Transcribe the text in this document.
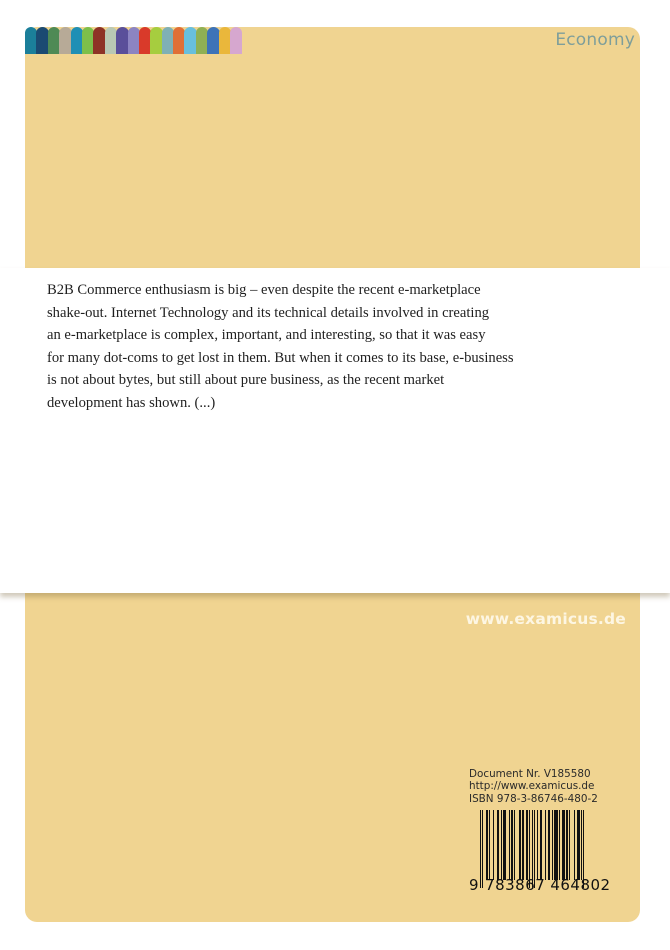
Economy

B2B Commerce enthusiasm is big – even despite the recent e-marketplace
shake-out. Internet Technology and its technical details involved in creating
an e-marketplace is complex, important, and interesting, so that it was easy
for many dot-coms to get lost in them. But when it comes to its base, e-business
is not about bytes, but still about pure business, as the recent market
development has shown. (...)

www.examicus.de
Document Nr. V185580
http://www.examicus.de
ISBN 978-3-86746-480-2
9 783867 464802
